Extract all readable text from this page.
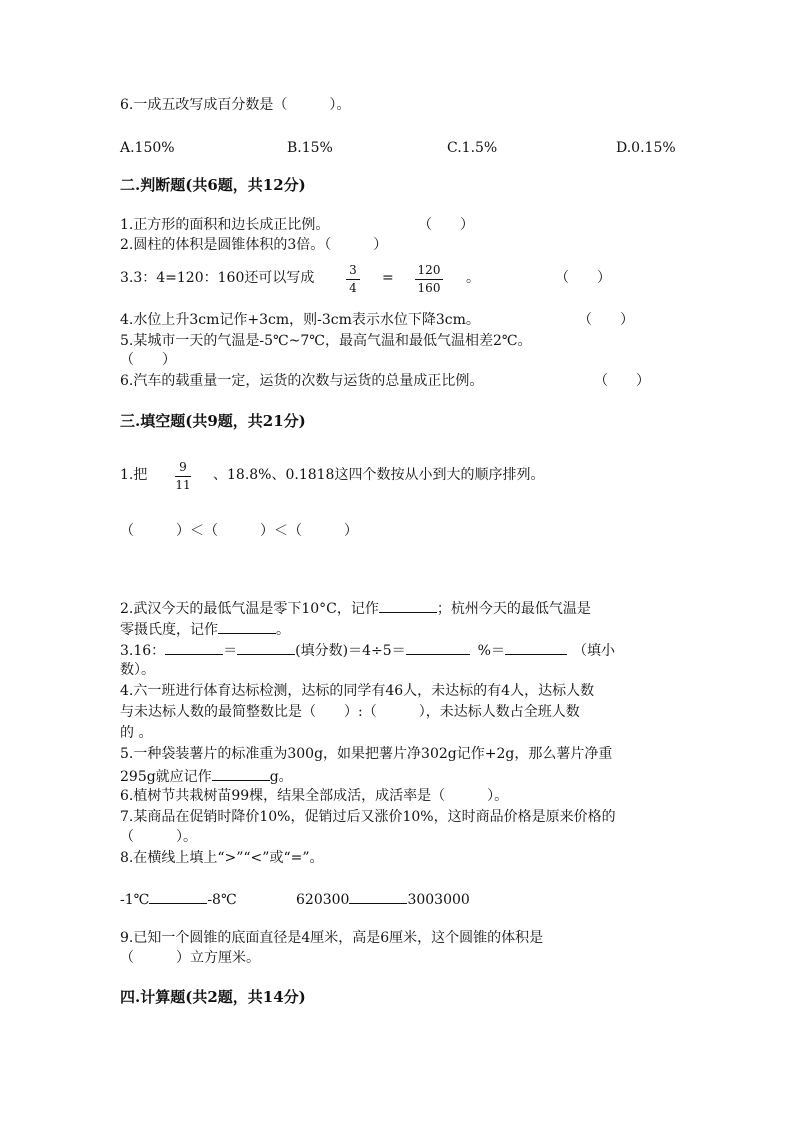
6.一成五改写成百分数是（　　　）。
A.150%	B.15%	C.1.5%	D.0.15%
二.判断题(共6题，共12分)
1.正方形的面积和边长成正比例。	（　　）
2.圆柱的体积是圆锥体积的3倍。（　　　）
3.3：4=120：160还可以写成	3
4
= 120
160
。	（　　）
4.水位上升3cm记作+3cm，则-3cm表示水位下降3cm。	（　　）
5.某城市一天的气温是-5℃~7℃，最高气温和最低气温相差2℃。
（　　）
6.汽车的载重量一定，运货的次数与运货的总量成正比例。	（　　）
三.填空题(共9题，共21分)
1.把	9
11
、18.8%、0.1818这四个数按从小到大的顺序排列。
（　　　）＜（　　　）＜（　　　）
2.武汉今天的最低气温是零下10°C，记作	；杭州今天的最低气温是
零摄氏度，记作	。
3.16：	＝	(填分数)＝4÷5＝	%＝	（填小
数）。
4.六一班进行体育达标检测，达标的同学有46人，未达标的有4人，达标人数
与未达标人数的最简整数比是（　　）:（　　　），未达标人数占全班人数
的 。
5.一种袋装薯片的标准重为300g，如果把薯片净302g记作+2g，那么薯片净重
295g就应记作	g。
6.植树节共栽树苗99棵，结果全部成活，成活率是（　　　）。
7.某商品在促销时降价10%，促销过后又涨价10%，这时商品价格是原来价格的
（　　　）。
8.在横线上填上“>”“<”或“=”。
-1℃	-8℃	620300	3003000
9.已知一个圆锥的底面直径是4厘米，高是6厘米，这个圆锥的体积是
（　　　）立方厘米。
四.计算题(共2题，共14分)
